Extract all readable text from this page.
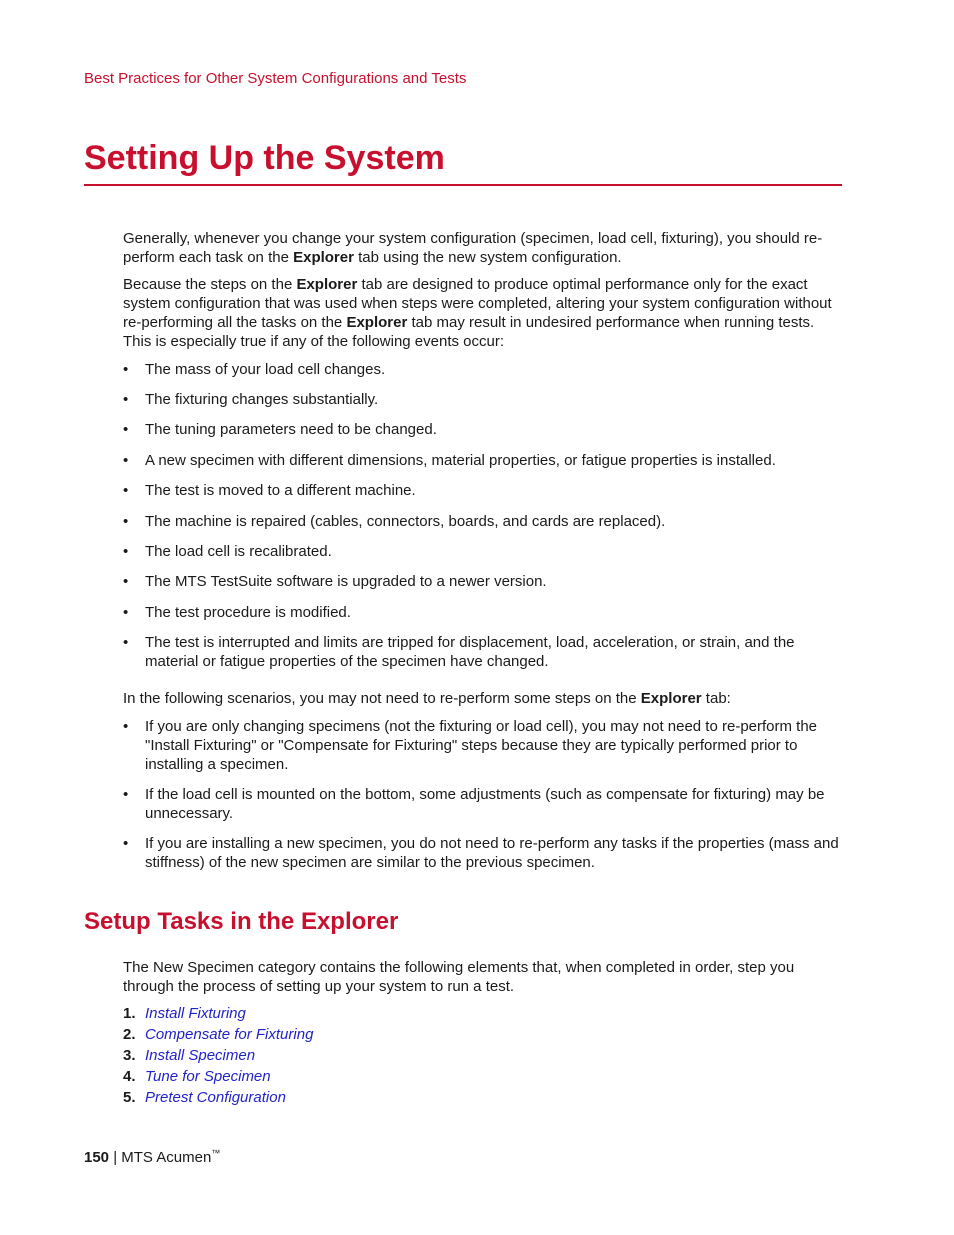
Best Practices for Other System Configurations and Tests
Setting Up the System

Generally, whenever you change your system configuration (specimen, load cell, fixturing), you should re-perform each task on the Explorer tab using the new system configuration.

Because the steps on the Explorer tab are designed to produce optimal performance only for the exact system configuration that was used when steps were completed, altering your system configuration without re-performing all the tasks on the Explorer tab may result in undesired performance when running tests. This is especially true if any of the following events occur:

• The mass of your load cell changes.
• The fixturing changes substantially.
• The tuning parameters need to be changed.
• A new specimen with different dimensions, material properties, or fatigue properties is installed.
• The test is moved to a different machine.
• The machine is repaired (cables, connectors, boards, and cards are replaced).
• The load cell is recalibrated.
• The MTS TestSuite software is upgraded to a newer version.
• The test procedure is modified.
• The test is interrupted and limits are tripped for displacement, load, acceleration, or strain, and the material or fatigue properties of the specimen have changed.

In the following scenarios, you may not need to re-perform some steps on the Explorer tab:

• If you are only changing specimens (not the fixturing or load cell), you may not need to re-perform the "Install Fixturing" or "Compensate for Fixturing" steps because they are typically performed prior to installing a specimen.
• If the load cell is mounted on the bottom, some adjustments (such as compensate for fixturing) may be unnecessary.
• If you are installing a new specimen, you do not need to re-perform any tasks if the properties (mass and stiffness) of the new specimen are similar to the previous specimen.
Setup Tasks in the Explorer

The New Specimen category contains the following elements that, when completed in order, step you through the process of setting up your system to run a test.

1. Install Fixturing
2. Compensate for Fixturing
3. Install Specimen
4. Tune for Specimen
5. Pretest Configuration
150 | MTS Acumen™
